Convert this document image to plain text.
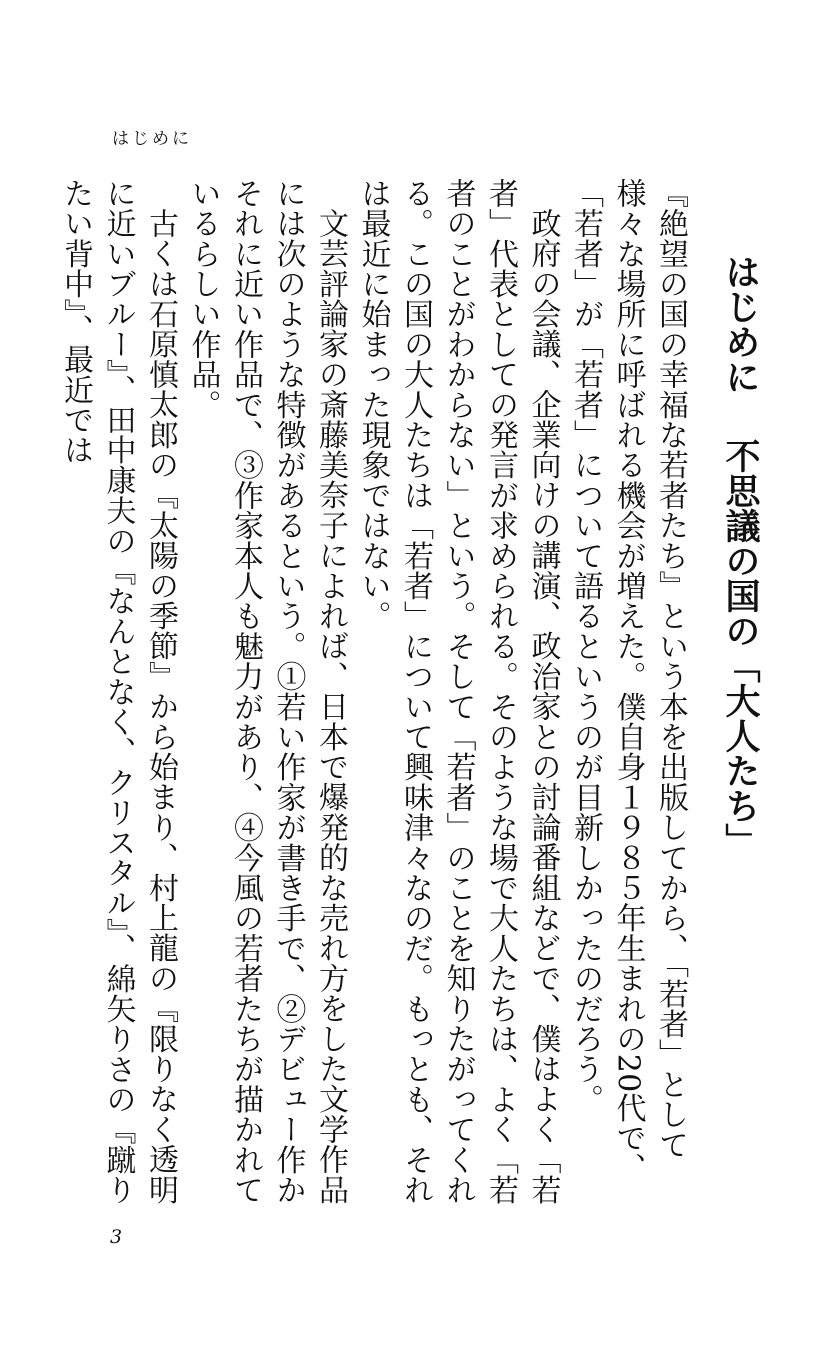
はじめに
はじめに不思議の国の「大人たち」

『絶望の国の幸福な若者たち』という本を出版してから、「若者」として様々な場所に呼ばれる機会が増えた。僕自身１９８５年生まれの20代で、「若者」が「若者」について語るというのが目新しかったのだろう。

政府の会議、企業向けの講演、政治家との討論番組などで、僕はよく「若者」代表としての発言が求められる。そのような場で大人たちは、よく「若者のことがわからない」という。そして「若者」のことを知りたがってくれる。この国の大人たちは「若者」について興味津々なのだ。もっとも、それは最近に始まった現象ではない。

文芸評論家の斎藤美奈子によれば、日本で爆発的な売れ方をした文学作品には次のような特徴があるという。①若い作家が書き手で、②デビュー作かそれに近い作品で、③作家本人も魅力があり、④今風の若者たちが描かれているらしい作品。

古くは石原慎太郎の『太陽の季節』から始まり、村上龍の『限りなく透明に近いブルー』、田中康夫の『なんとなく、クリスタル』、綿矢りさの『蹴りたい背中』、最近では

3
